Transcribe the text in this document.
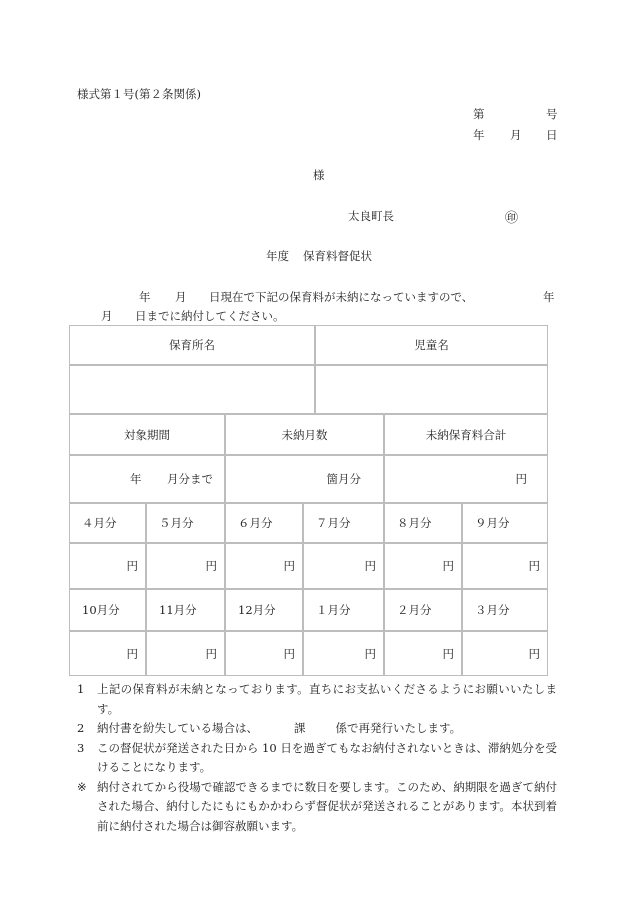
様式第１号(第２条関係)
第	号
年 月 日
様
太良町長	㊞
年度 保育料督促状
年 月 日現在で下記の保育料が未納になっていますので、	年
月 日までに納付してください。
保育所名	児童名
対象期間	未納月数	未納保育料合計
年 月分まで	箇月分	円
４月分	５月分	６月分	７月分	８月分	９月分
円	円	円	円	円	円
10月分	11月分	12月分	１月分	２月分	３月分
円	円	円	円	円	円
1	上記の保育料が未納となっております。直ちにお支払いくださるようにお願いいたします。
2	納付書を紛失している場合は、	課	係で再発行いたします。
3	この督促状が発送された日から 10 日を過ぎてもなお納付されないときは、滞納処分を受けることになります。
※ 納付されてから役場で確認できるまでに数日を要します。このため、納期限を過ぎて納付された場合、納付したにもにもかかわらず督促状が発送されることがあります。本状到着前に納付された場合は御容赦願います。
